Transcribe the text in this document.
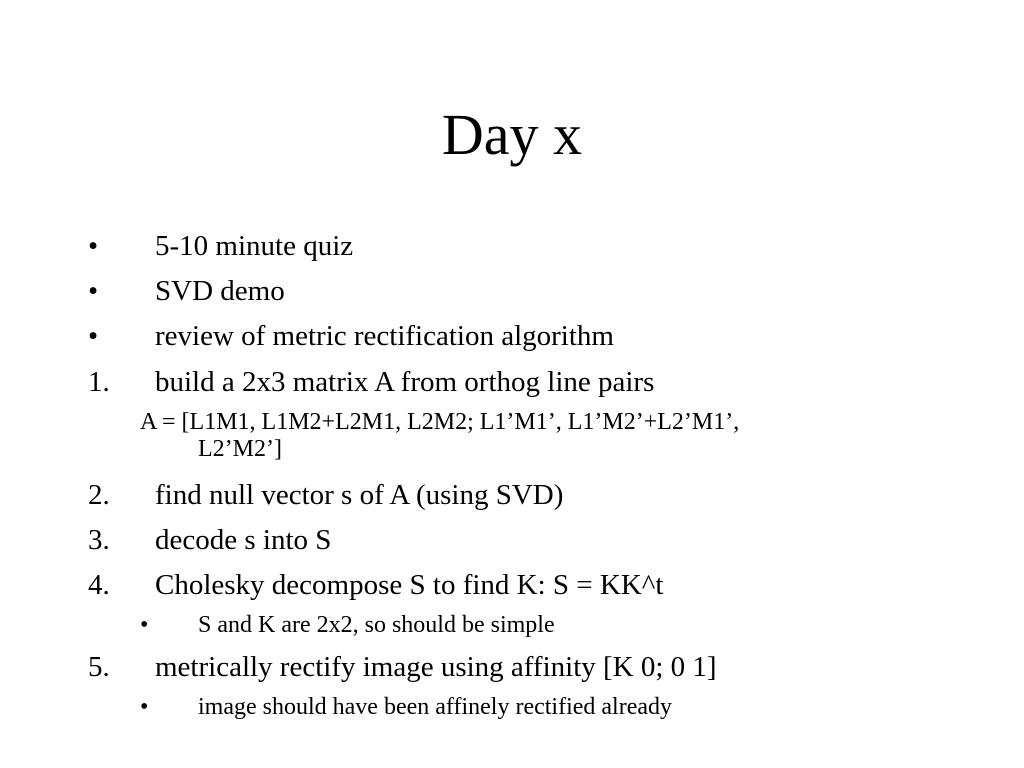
Day x
• 5-10 minute quiz
• SVD demo
• review of metric rectification algorithm
1. build a 2x3 matrix A from orthog line pairs
A = [L1M1, L1M2+L2M1, L2M2; L1’M1’, L1’M2’+L2’M1’,
L2’M2’]
2. find null vector s of A (using SVD)
3. decode s into S
4. Cholesky decompose S to find K: S = KK^t
• S and K are 2x2, so should be simple
5. metrically rectify image using affinity [K 0; 0 1]
• image should have been affinely rectified already
